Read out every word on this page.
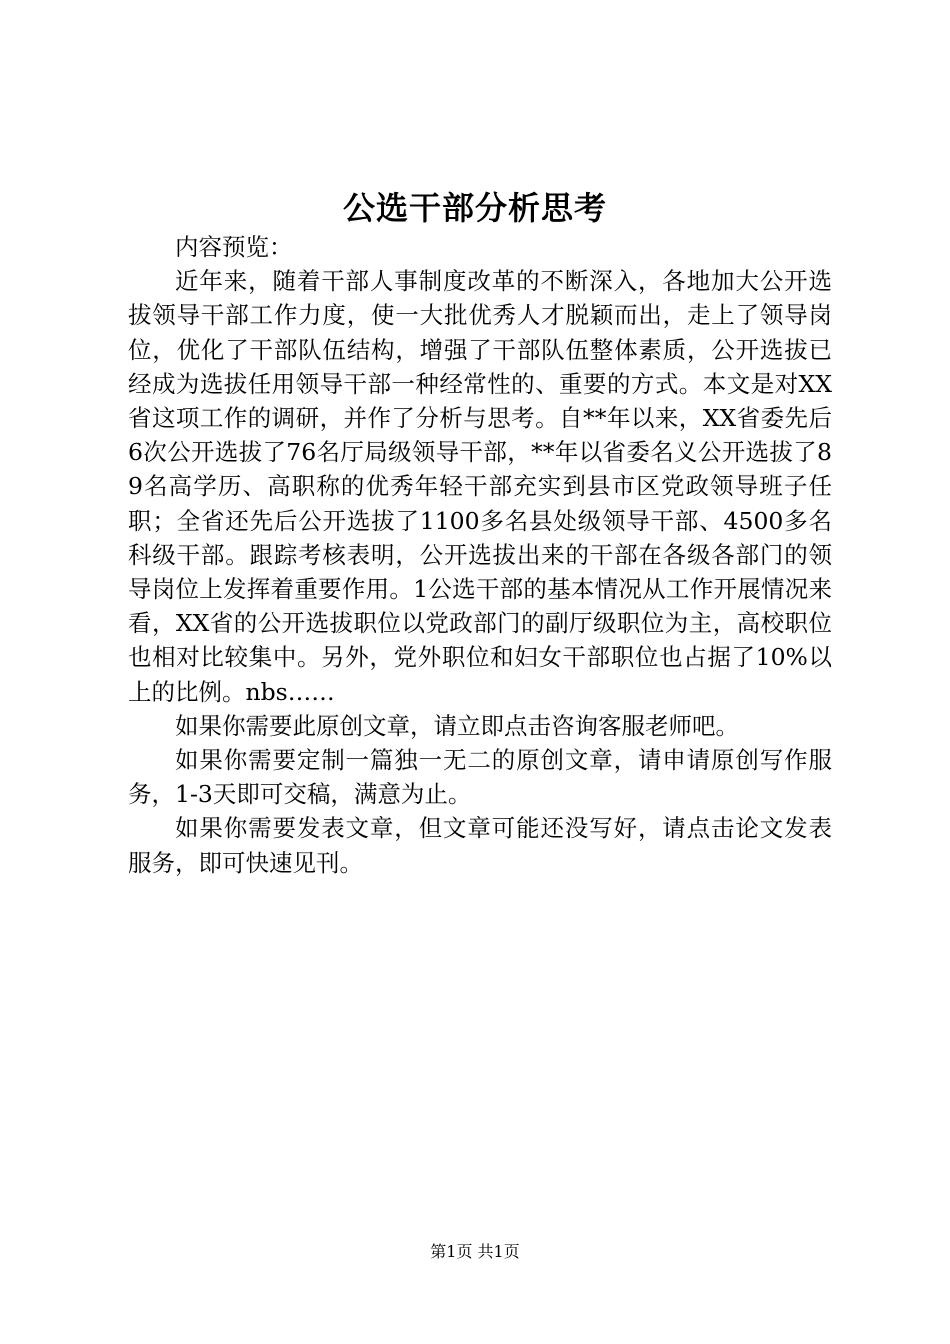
公选干部分析思考

内容预览：

近年来，随着干部人事制度改革的不断深入，各地加大公开选拔领导干部工作力度，使一大批优秀人才脱颖而出，走上了领导岗位，优化了干部队伍结构，增强了干部队伍整体素质，公开选拔已经成为选拔任用领导干部一种经常性的、重要的方式。本文是对XX省这项工作的调研，并作了分析与思考。自**年以来，XX省委先后6次公开选拔了76名厅局级领导干部，**年以省委名义公开选拔了89名高学历、高职称的优秀年轻干部充实到县市区党政领导班子任职；全省还先后公开选拔了1100多名县处级领导干部、4500多名科级干部。跟踪考核表明，公开选拔出来的干部在各级各部门的领导岗位上发挥着重要作用。1公选干部的基本情况从工作开展情况来看，XX省的公开选拔职位以党政部门的副厅级职位为主，高校职位也相对比较集中。另外，党外职位和妇女干部职位也占据了10%以上的比例。nbs……

如果你需要此原创文章，请立即点击咨询客服老师吧。

如果你需要定制一篇独一无二的原创文章，请申请原创写作服务，1-3天即可交稿，满意为止。

如果你需要发表文章，但文章可能还没写好，请点击论文发表服务，即可快速见刊。

第1页 共1页
